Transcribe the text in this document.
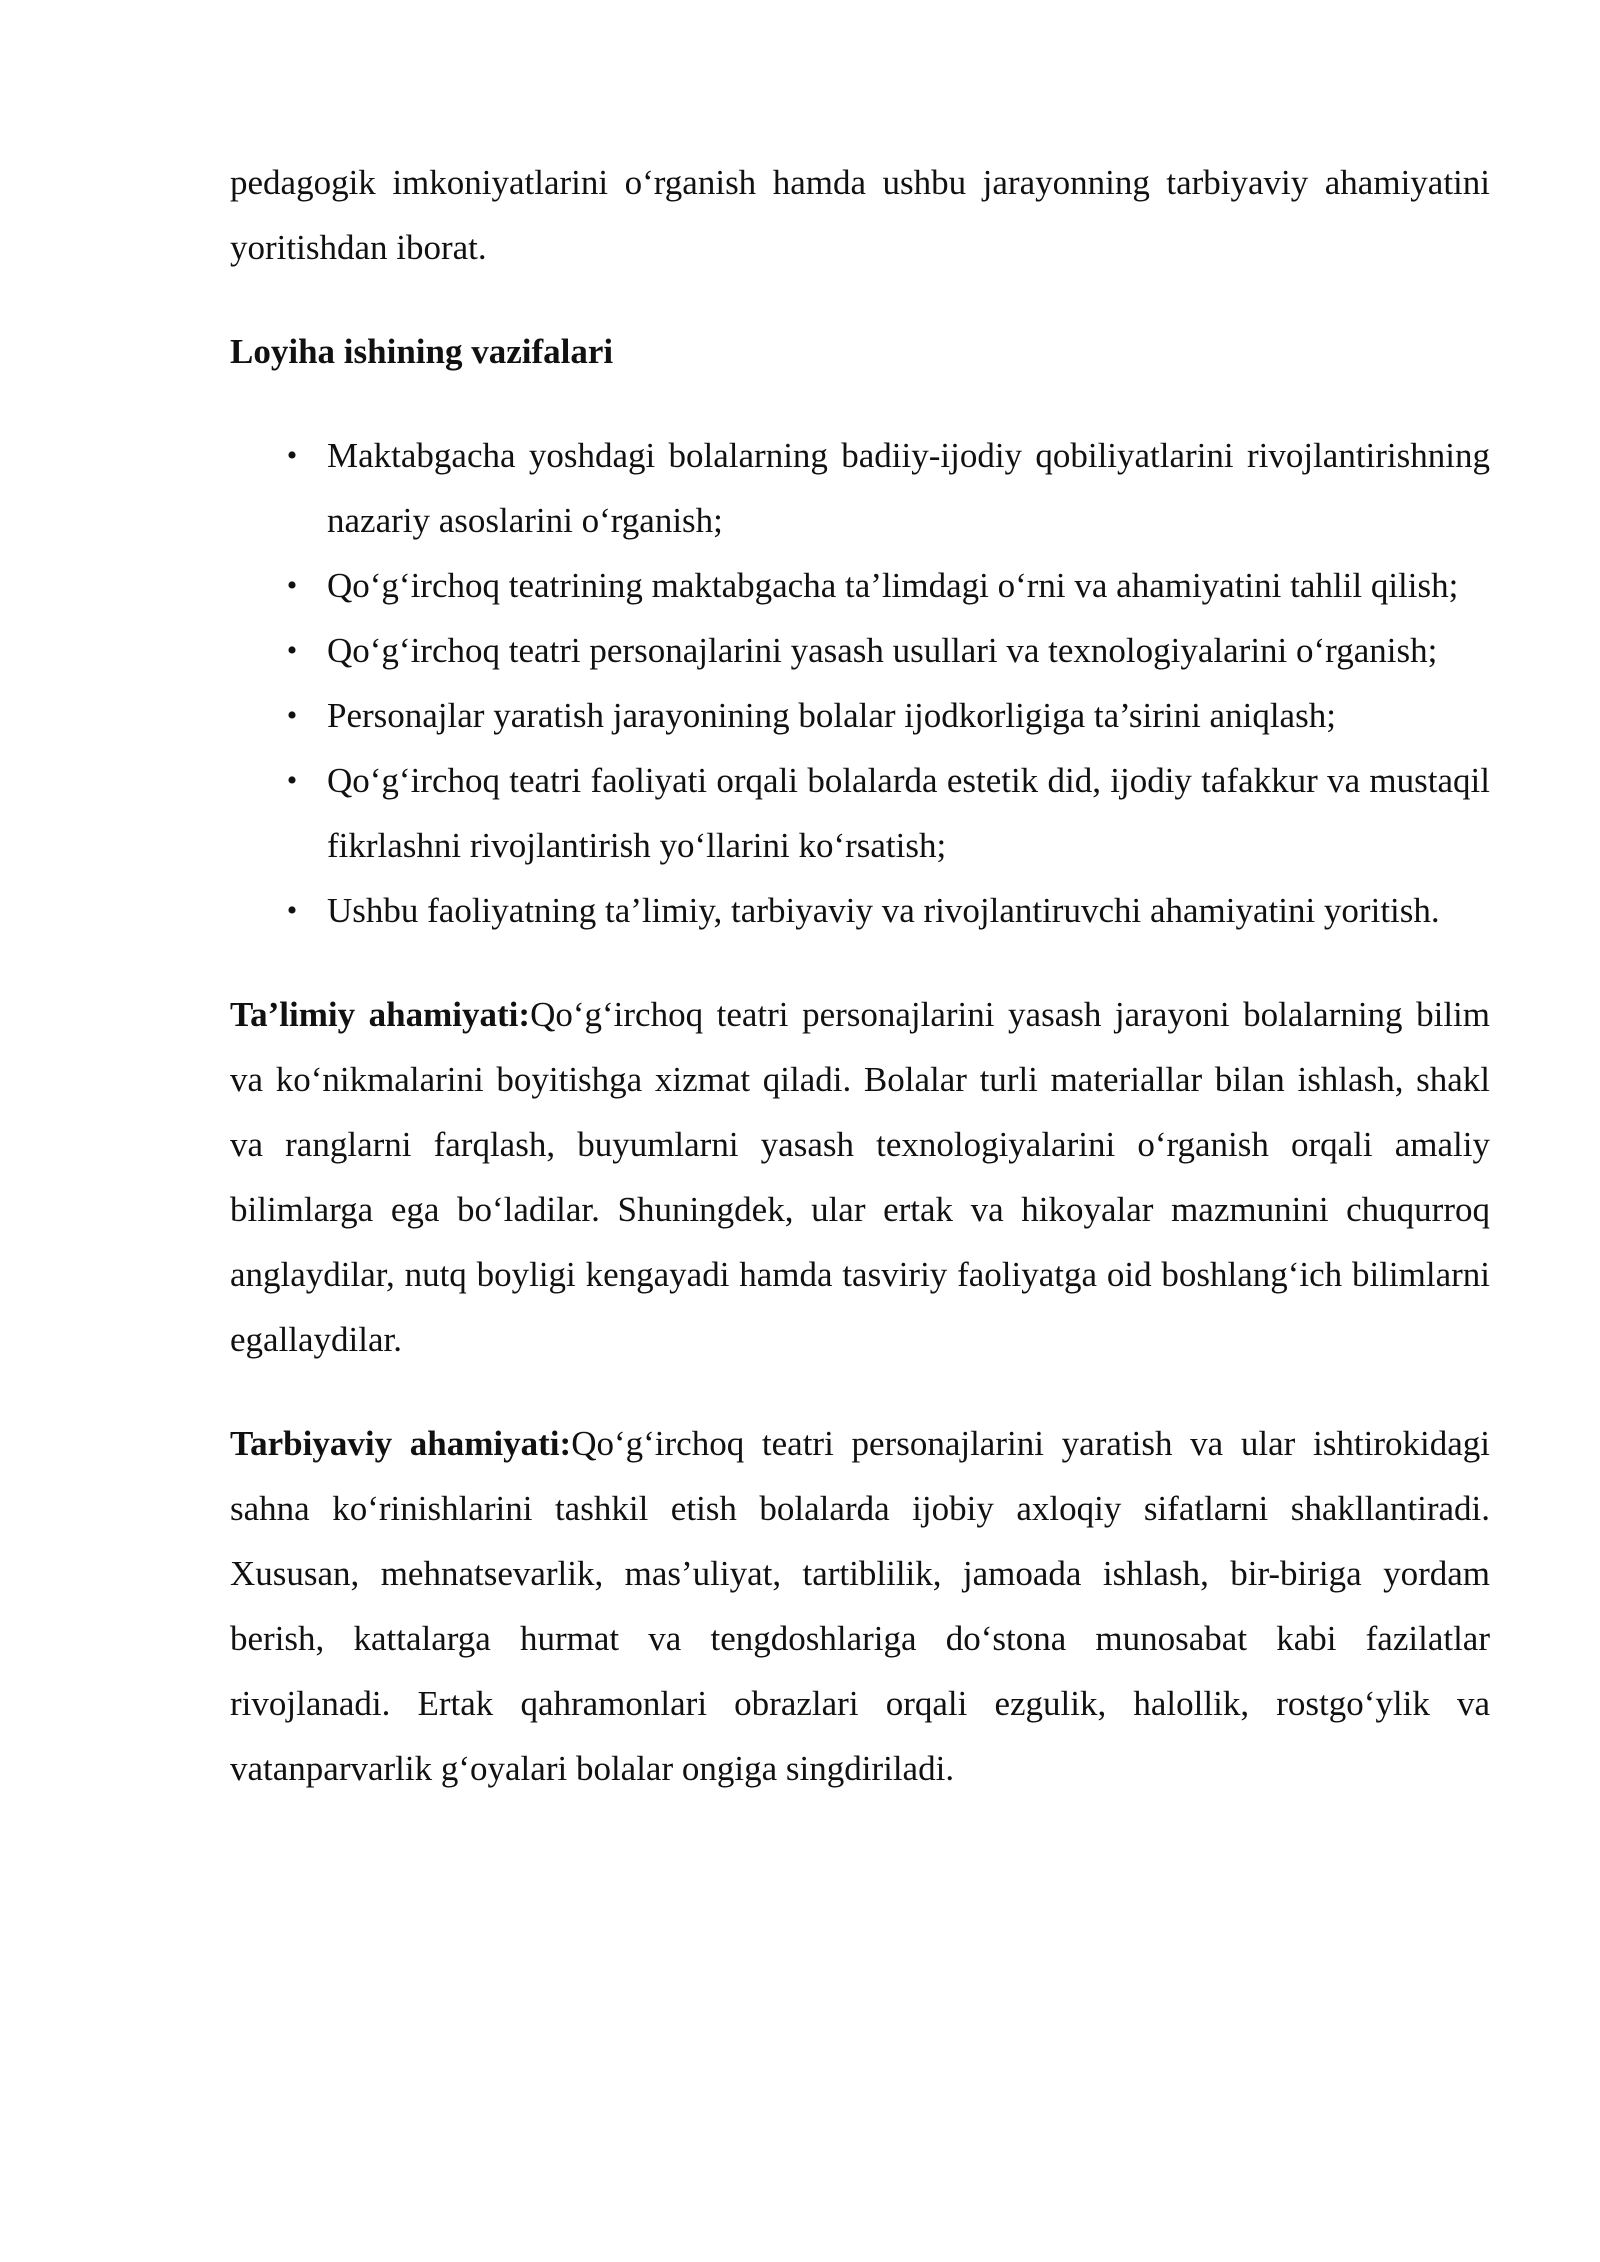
pedagogik imkoniyatlarini o‘rganish hamda ushbu jarayonning tarbiyaviy ahamiyatini yoritishdan iborat.

Loyiha ishining vazifalari

• Maktabgacha yoshdagi bolalarning badiiy-ijodiy qobiliyatlarini rivojlantirishning nazariy asoslarini o‘rganish;
• Qo‘g‘irchoq teatrining maktabgacha ta’limdagi o‘rni va ahamiyatini tahlil qilish;
• Qo‘g‘irchoq teatri personajlarini yasash usullari va texnologiyalarini o‘rganish;
• Personajlar yaratish jarayonining bolalar ijodkorligiga ta’sirini aniqlash;
• Qo‘g‘irchoq teatri faoliyati orqali bolalarda estetik did, ijodiy tafakkur va mustaqil fikrlashni rivojlantirish yo‘llarini ko‘rsatish;
• Ushbu faoliyatning ta’limiy, tarbiyaviy va rivojlantiruvchi ahamiyatini yoritish.

Ta’limiy ahamiyati:Qo‘g‘irchoq teatri personajlarini yasash jarayoni bolalarning bilim va ko‘nikmalarini boyitishga xizmat qiladi. Bolalar turli materiallar bilan ishlash, shakl va ranglarni farqlash, buyumlarni yasash texnologiyalarini o‘rganish orqali amaliy bilimlarga ega bo‘ladilar. Shuningdek, ular ertak va hikoyalar mazmunini chuqurroq anglaydilar, nutq boyligi kengayadi hamda tasviriy faoliyatga oid boshlang‘ich bilimlarni egallaydilar.

Tarbiyaviy ahamiyati:Qo‘g‘irchoq teatri personajlarini yaratish va ular ishtirokidagi sahna ko‘rinishlarini tashkil etish bolalarda ijobiy axloqiy sifatlarni shakllantiradi. Xususan, mehnatsevarlik, mas’uliyat, tartiblilik, jamoada ishlash, bir-biriga yordam berish, kattalarga hurmat va tengdoshlariga do‘stona munosabat kabi fazilatlar rivojlanadi. Ertak qahramonlari obrazlari orqali ezgulik, halollik, rostgo‘ylik va vatanparvarlik g‘oyalari bolalar ongiga singdiriladi.
